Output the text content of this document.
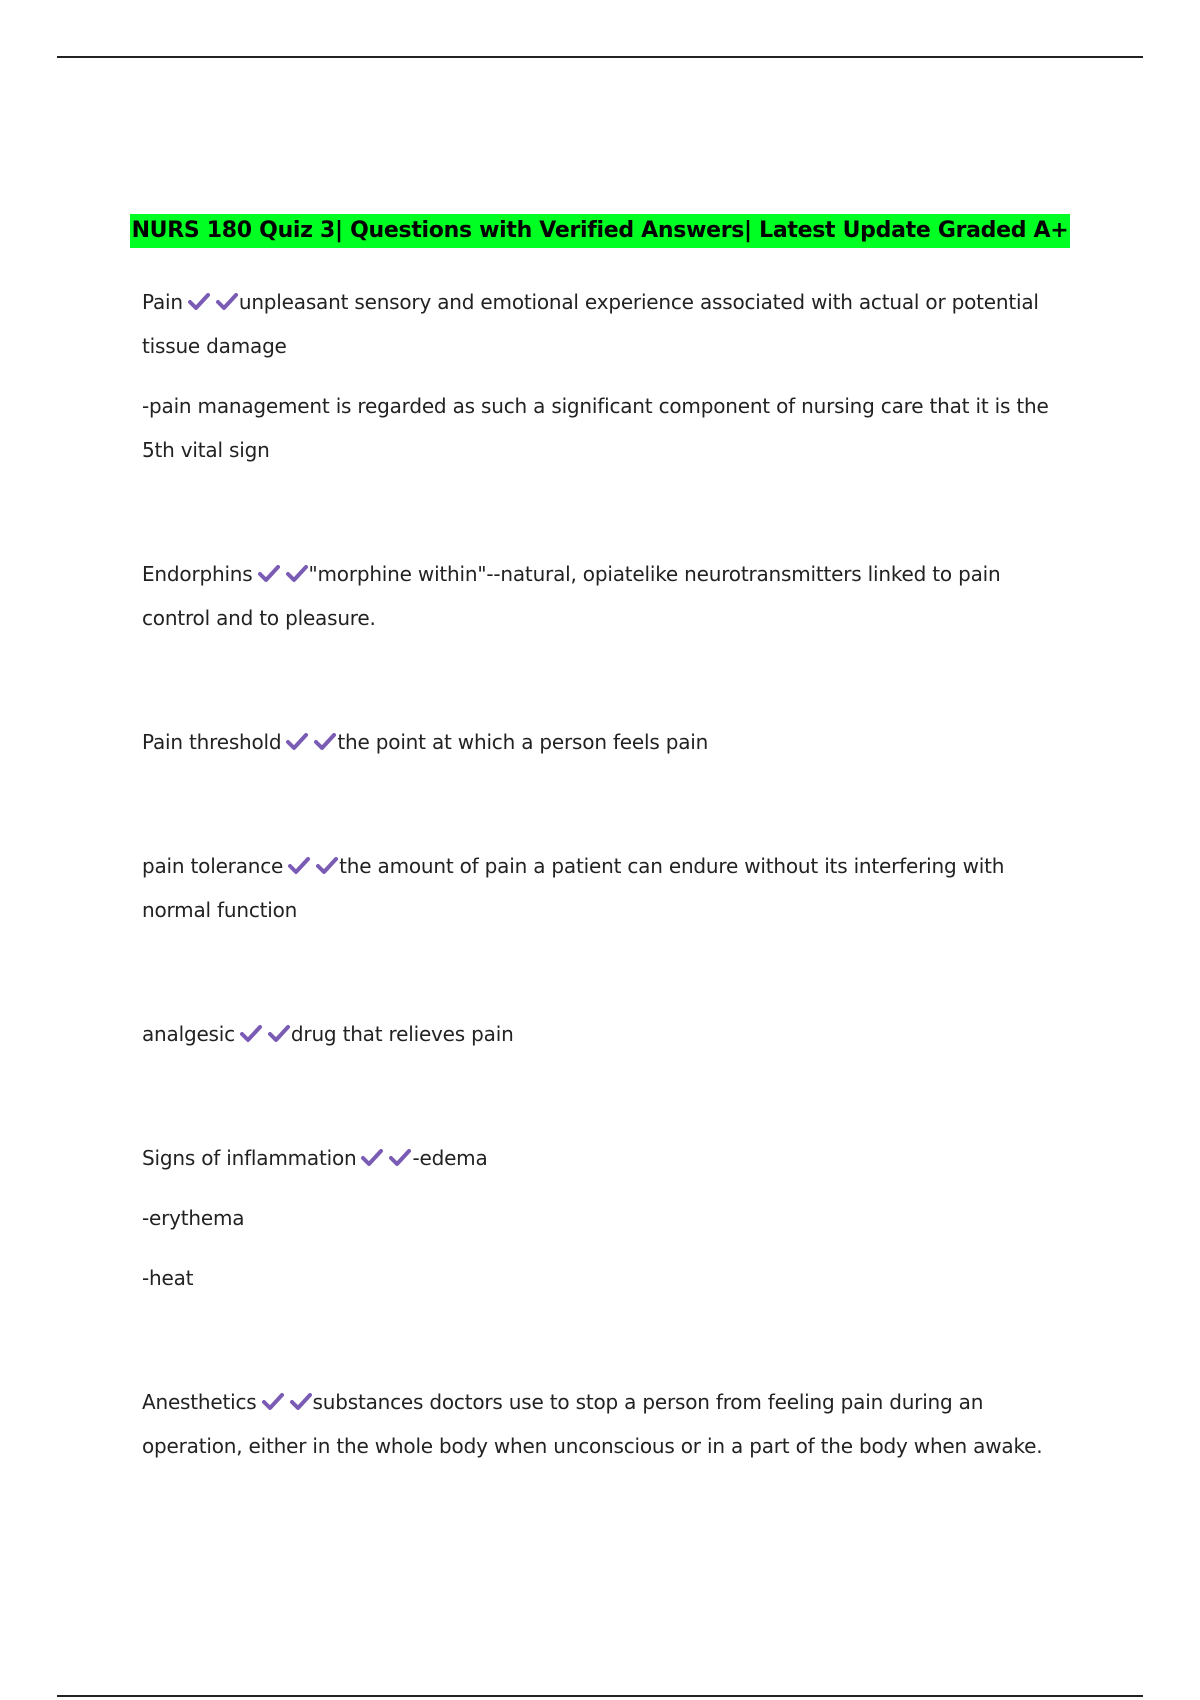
NURS 180 Quiz 3| Questions with Verified Answers| Latest Update Graded A+

Pain	unpleasant sensory and emotional experience associated with actual or potential tissue damage

-pain management is regarded as such a significant component of nursing care that it is the 5th vital sign

Endorphins	"morphine within"--natural, opiatelike neurotransmitters linked to pain control and to pleasure.

Pain threshold	the point at which a person feels pain

pain tolerance	the amount of pain a patient can endure without its interfering with normal function

analgesic	drug that relieves pain

Signs of inflammation	-edema

-erythema

-heat

Anesthetics	substances doctors use to stop a person from feeling pain during an operation, either in the whole body when unconscious or in a part of the body when awake.
